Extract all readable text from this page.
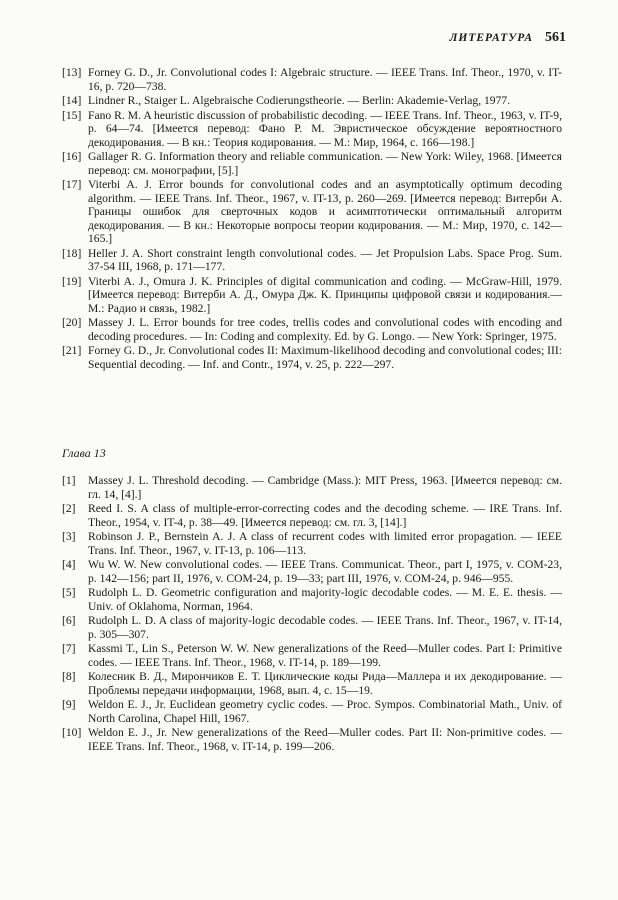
ЛИТЕРАТУРА 561
[13] Forney G. D., Jr. Convolutional codes I: Algebraic structure. — IEEE Trans. Inf. Theor., 1970, v. IT-16, p. 720—738.
[14] Lindner R., Staiger L. Algebraische Codierungstheorie. — Berlin: Akademie-Verlag, 1977.
[15] Fano R. M. A heuristic discussion of probabilistic decoding. — IEEE Trans. Inf. Theor., 1963, v. IT-9, p. 64—74. [Имеется перевод: Фано Р. М. Эвристическое обсуждение вероятностного декодирования. — В кн.: Теория кодирования. — М.: Мир, 1964, с. 166—198.]
[16] Gallager R. G. Information theory and reliable communication. — New York: Wiley, 1968. [Имеется перевод: см. монографии, [5].]
[17] Viterbi A. J. Error bounds for convolutional codes and an asymptotically optimum decoding algorithm. — IEEE Trans. Inf. Theor., 1967, v. IT-13, p. 260—269. [Имеется перевод: Витерби А. Границы ошибок для сверточных кодов и асимптотически оптимальный алгоритм декодирования. — В кн.: Некоторые вопросы теории кодирования. — М.: Мир, 1970, с. 142—165.]
[18] Heller J. A. Short constraint length convolutional codes. — Jet Propulsion Labs. Space Prog. Sum. 37-54 III, 1968, p. 171—177.
[19] Viterbi A. J., Omura J. K. Principles of digital communication and coding. — McGraw-Hill, 1979. [Имеется перевод: Витерби А. Д., Омура Дж. К. Принципы цифровой связи и кодирования.—М.: Радио и связь, 1982.]
[20] Massey J. L. Error bounds for tree codes, trellis codes and convolutional codes with encoding and decoding procedures. — In: Coding and complexity. Ed. by G. Longo. — New York: Springer, 1975.
[21] Forney G. D., Jr. Convolutional codes II: Maximum-likelihood decoding and convolutional codes; III: Sequential decoding. — Inf. and Contr., 1974, v. 25, p. 222—297.
Глава 13
[1] Massey J. L. Threshold decoding. — Cambridge (Mass.): MIT Press, 1963. [Имеется перевод: см. гл. 14, [4].]
[2] Reed I. S. A class of multiple-error-correcting codes and the decoding scheme. — IRE Trans. Inf. Theor., 1954, v. IT-4, p. 38—49. [Имеется перевод: см. гл. 3, [14].]
[3] Robinson J. P., Bernstein A. J. A class of recurrent codes with limited error propagation. — IEEE Trans. Inf. Theor., 1967, v. IT-13, p. 106—113.
[4] Wu W. W. New convolutional codes. — IEEE Trans. Communicat. Theor., part I, 1975, v. COM-23, p. 142—156; part II, 1976, v. COM-24, p. 19—33; part III, 1976, v. COM-24, p. 946—955.
[5] Rudolph L. D. Geometric configuration and majority-logic decodable codes. — M. E. E. thesis. — Univ. of Oklahoma, Norman, 1964.
[6] Rudolph L. D. A class of majority-logic decodable codes. — IEEE Trans. Inf. Theor., 1967, v. IT-14, p. 305—307.
[7] Kassmi T., Lin S., Peterson W. W. New generalizations of the Reed—Muller codes. Part I: Primitive codes. — IEEE Trans. Inf. Theor., 1968, v. IT-14, p. 189—199.
[8] Колесник В. Д., Мирончиков Е. Т. Циклические коды Рида—Маллера и их декодирование. — Проблемы передачи информации, 1968, вып. 4, с. 15—19.
[9] Weldon E. J., Jr. Euclidean geometry cyclic codes. — Proc. Sympos. Combinatorial Math., Univ. of North Carolina, Chapel Hill, 1967.
[10] Weldon E. J., Jr. New generalizations of the Reed—Muller codes. Part II: Non-primitive codes. — IEEE Trans. Inf. Theor., 1968, v. IT-14, p. 199—206.
